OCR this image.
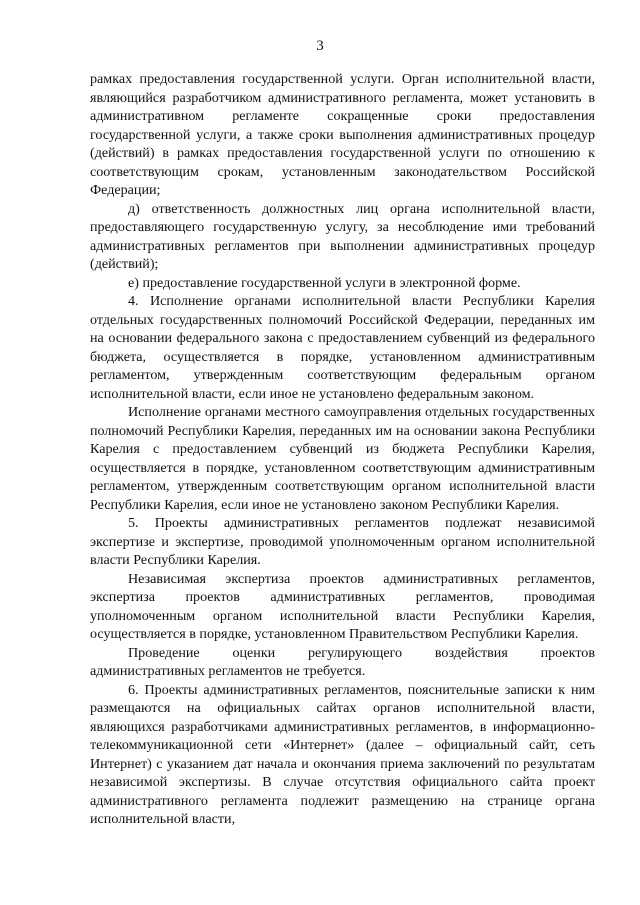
3

рамках предоставления государственной услуги. Орган исполнительной власти, являющийся разработчиком административного регламента, может установить в административном регламенте сокращенные сроки предоставления государственной услуги, а также сроки выполнения административных процедур (действий) в рамках предоставления государственной услуги по отношению к соответствующим срокам, установленным законодательством Российской Федерации;

д) ответственность должностных лиц органа исполнительной власти, предоставляющего государственную услугу, за несоблюдение ими требований административных регламентов при выполнении административных процедур (действий);

е) предоставление государственной услуги в электронной форме.

4. Исполнение органами исполнительной власти Республики Карелия отдельных государственных полномочий Российской Федерации, переданных им на основании федерального закона с предоставлением субвенций из федерального бюджета, осуществляется в порядке, установленном административным регламентом, утвержденным соответствующим федеральным органом исполнительной власти, если иное не установлено федеральным законом.

Исполнение органами местного самоуправления отдельных государственных полномочий Республики Карелия, переданных им на основании закона Республики Карелия с предоставлением субвенций из бюджета Республики Карелия, осуществляется в порядке, установленном соответствующим административным регламентом, утвержденным соответствующим органом исполнительной власти Республики Карелия, если иное не установлено законом Республики Карелия.

5. Проекты административных регламентов подлежат независимой экспертизе и экспертизе, проводимой уполномоченным органом исполнительной власти Республики Карелия.

Независимая экспертиза проектов административных регламентов, экспертиза проектов административных регламентов, проводимая уполномоченным органом исполнительной власти Республики Карелия, осуществляется в порядке, установленном Правительством Республики Карелия.

Проведение оценки регулирующего воздействия проектов административных регламентов не требуется.

6. Проекты административных регламентов, пояснительные записки к ним размещаются на официальных сайтах органов исполнительной власти, являющихся разработчиками административных регламентов, в информационно-телекоммуникационной сети «Интернет» (далее – официальный сайт, сеть Интернет) с указанием дат начала и окончания приема заключений по результатам независимой экспертизы. В случае отсутствия официального сайта проект административного регламента подлежит размещению на странице органа исполнительной власти,
